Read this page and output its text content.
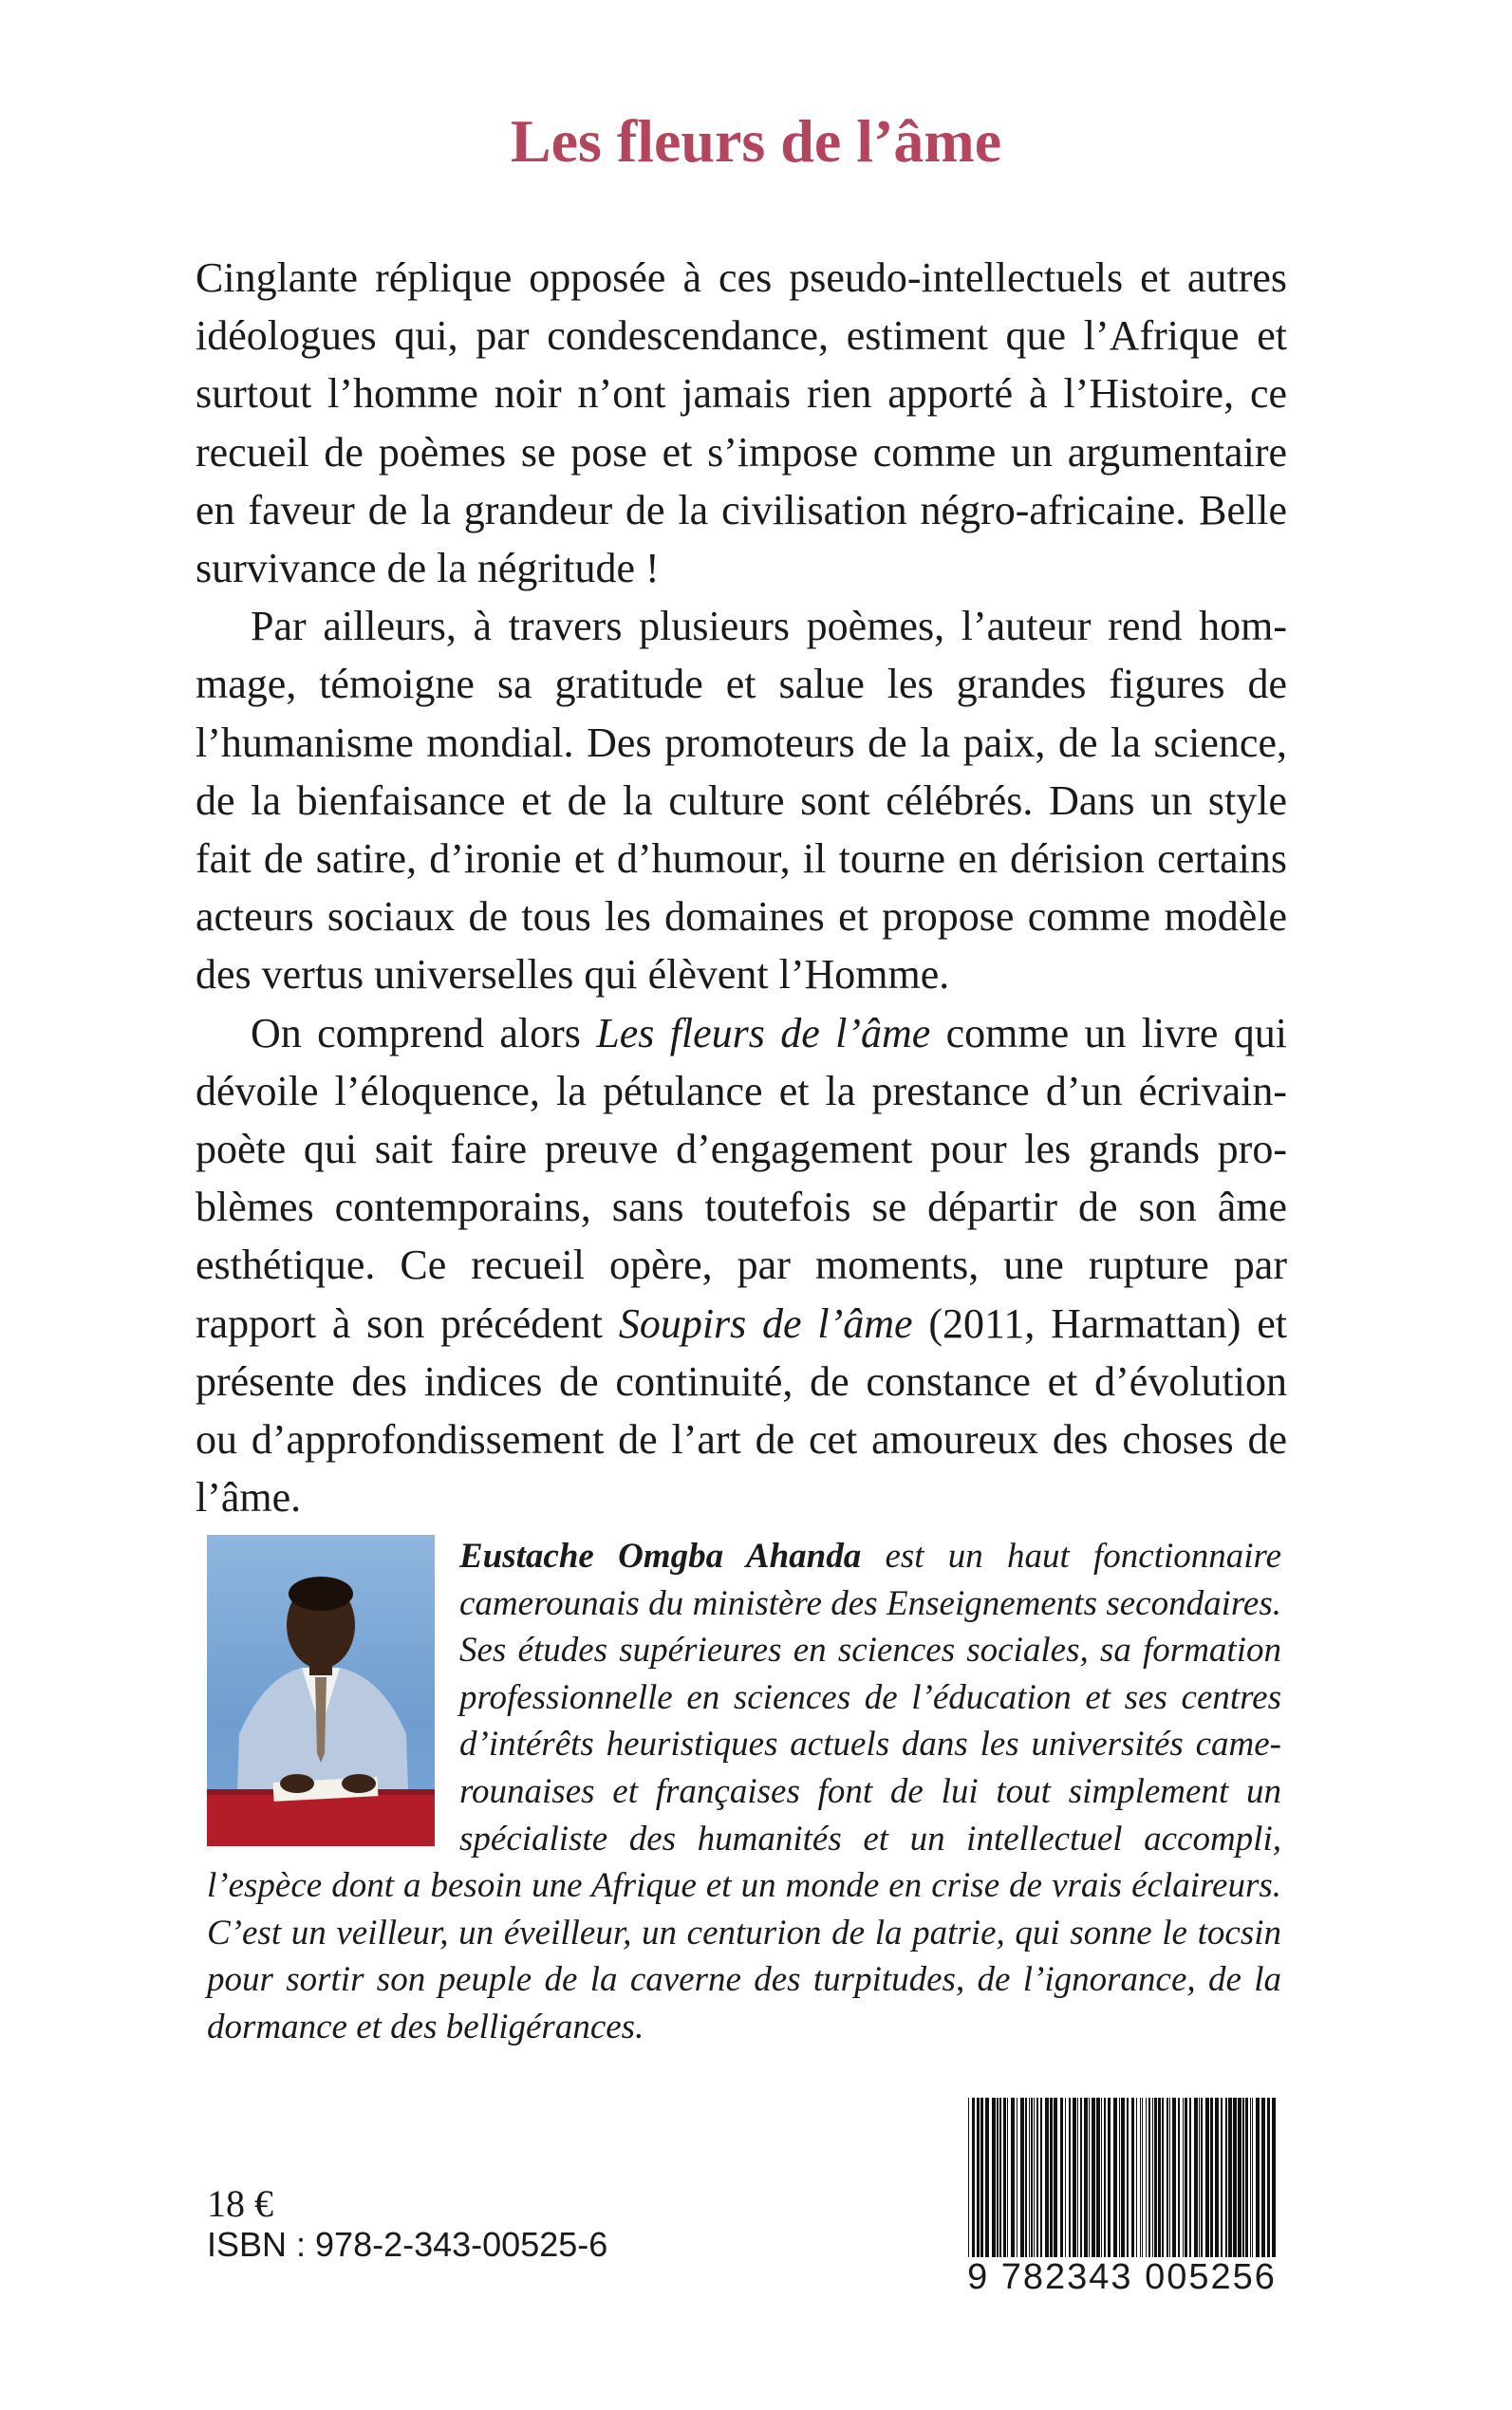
Les fleurs de l’âme

Cinglante réplique opposée à ces pseudo-intellectuels et autres idéologues qui, par condescendance, estiment que l’Afrique et surtout l’homme noir n’ont jamais rien apporté à l’Histoire, ce recueil de poèmes se pose et s’impose comme un argumentaire en faveur de la grandeur de la civilisation négro-africaine. Belle survivance de la négritude !

Par ailleurs, à travers plusieurs poèmes, l’auteur rend hommage, témoigne sa gratitude et salue les grandes figures de l’humanisme mondial. Des promoteurs de la paix, de la science, de la bienfaisance et de la culture sont célébrés. Dans un style fait de satire, d’ironie et d’humour, il tourne en dérision certains acteurs sociaux de tous les domaines et propose comme modèle des vertus universelles qui élèvent l’Homme.

On comprend alors Les fleurs de l’âme comme un livre qui dévoile l’éloquence, la pétulance et la prestance d’un écrivain-poète qui sait faire preuve d’engagement pour les grands problèmes contemporains, sans toutefois se départir de son âme esthétique. Ce recueil opère, par moments, une rupture par rapport à son précédent Soupirs de l’âme (2011, Harmattan) et présente des indices de continuité, de constance et d’évolution ou d’approfondissement de l’art de cet amoureux des choses de l’âme.

Eustache Omgba Ahanda est un haut fonctionnaire camerounais du ministère des Enseignements secondaires. Ses études supérieures en sciences sociales, sa formation professionnelle en sciences de l’éducation et ses centres d’intérêts heuristiques actuels dans les universités camerounaises et françaises font de lui tout simplement un spécialiste des humanités et un intellectuel accompli, l’espèce dont a besoin une Afrique et un monde en crise de vrais éclaireurs. C’est un veilleur, un éveilleur, un centurion de la patrie, qui sonne le tocsin pour sortir son peuple de la caverne des turpitudes, de l’ignorance, de la dormance et des belligérances.

18 €
ISBN : 978-2-343-00525-6
9 782343 005256
